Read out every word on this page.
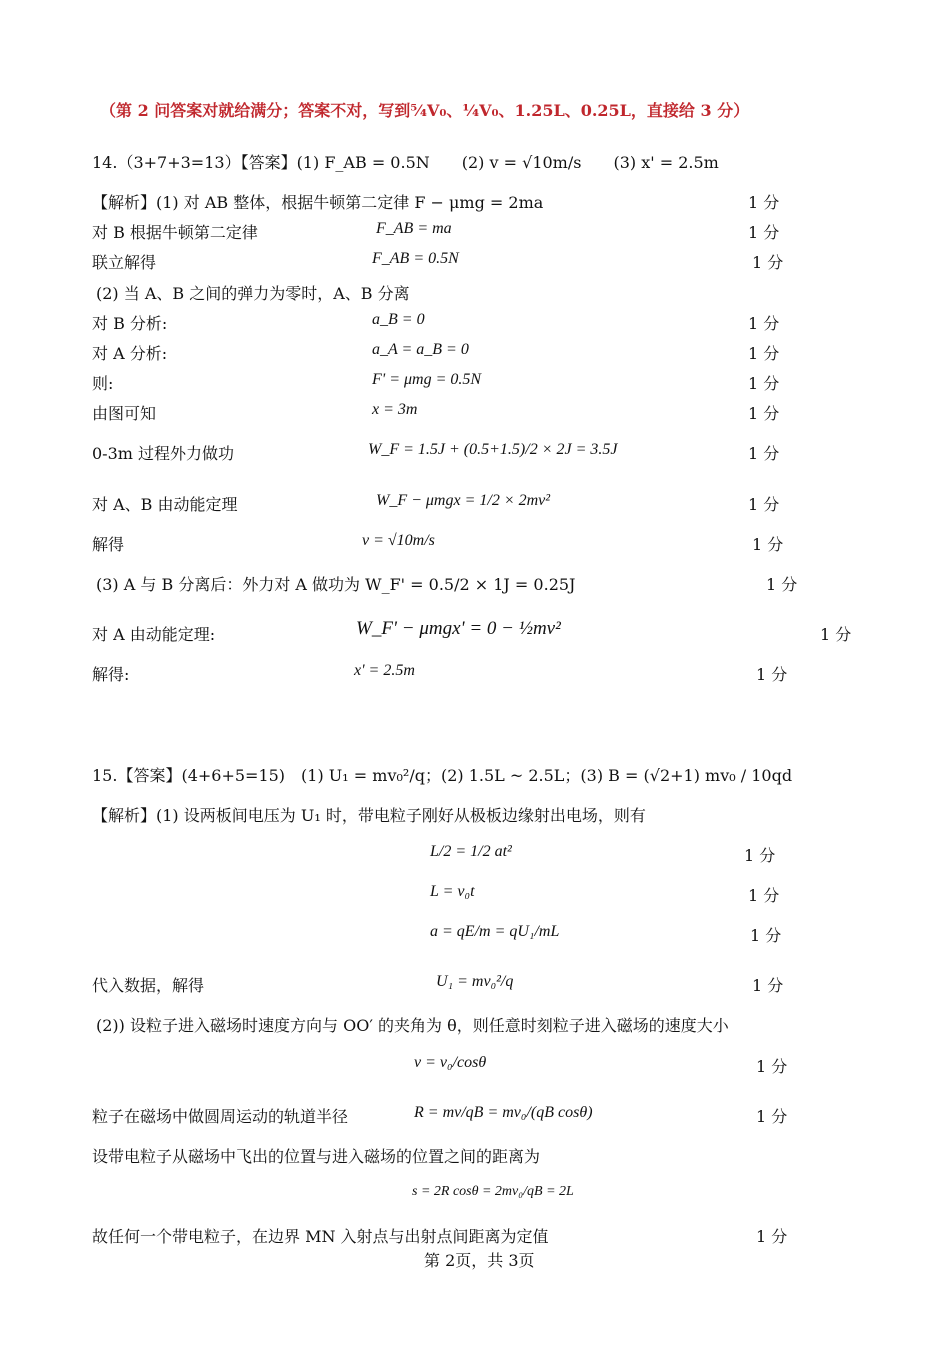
（第 2 问答案对就给满分；答案不对，写到⁵⁄₄V₀、¹⁄₄V₀、1.25L、0.25L，直接给 3 分）
14.（3+7+3=13）【答案】(1) F_AB = 0.5N　　(2) v = √10m/s　　(3) x' = 2.5m
【解析】(1) 对 AB 整体，根据牛顿第二定律 F − μmg = 2ma	1 分
对 B 根据牛顿第二定律	F_AB = ma	1 分
联立解得	F_AB = 0.5N	1 分
(2) 当 A、B 之间的弹力为零时，A、B 分离
对 B 分析:	a_B = 0	1 分
对 A 分析:	a_A = a_B = 0	1 分
则:	F' = μmg = 0.5N	1 分
由图可知	x = 3m	1 分
0-3m 过程外力做功	W_F = 1.5J + (0.5+1.5)/2 × 2J = 3.5J	1 分
对 A、B 由动能定理	W_F − μmgx = 1/2 × 2mv²	1 分
解得	v = √10m/s	1 分
(3) A 与 B 分离后：外力对 A 做功为 W_F' = 0.5/2 × 1J = 0.25J	1 分
对 A 由动能定理:	W_F' − μmgx' = 0 − ½mv²	1 分
解得:	x' = 2.5m	1 分
15.【答案】(4+6+5=15)　(1) U₁ = mv₀²/q；(2) 1.5L ~ 2.5L；(3) B = (√2+1) mv₀ / 10qd
【解析】(1) 设两板间电压为 U₁ 时，带电粒子刚好从极板边缘射出电场，则有
L/2 = 1/2 at²	1 分
L = v₀t	1 分
a = qE/m = qU₁/mL	1 分
代入数据，解得	U₁ = mv₀²/q	1 分
(2)) 设粒子进入磁场时速度方向与 OO′ 的夹角为 θ，则任意时刻粒子进入磁场的速度大小
v = v₀/cosθ	1 分
粒子在磁场中做圆周运动的轨道半径	R = mv/qB = mv₀/(qB cosθ)	1 分
设带电粒子从磁场中飞出的位置与进入磁场的位置之间的距离为
s = 2R cosθ = 2mv₀/qB = 2L
故任何一个带电粒子，在边界 MN 入射点与出射点间距离为定值	1 分
第 2页，共 3页
